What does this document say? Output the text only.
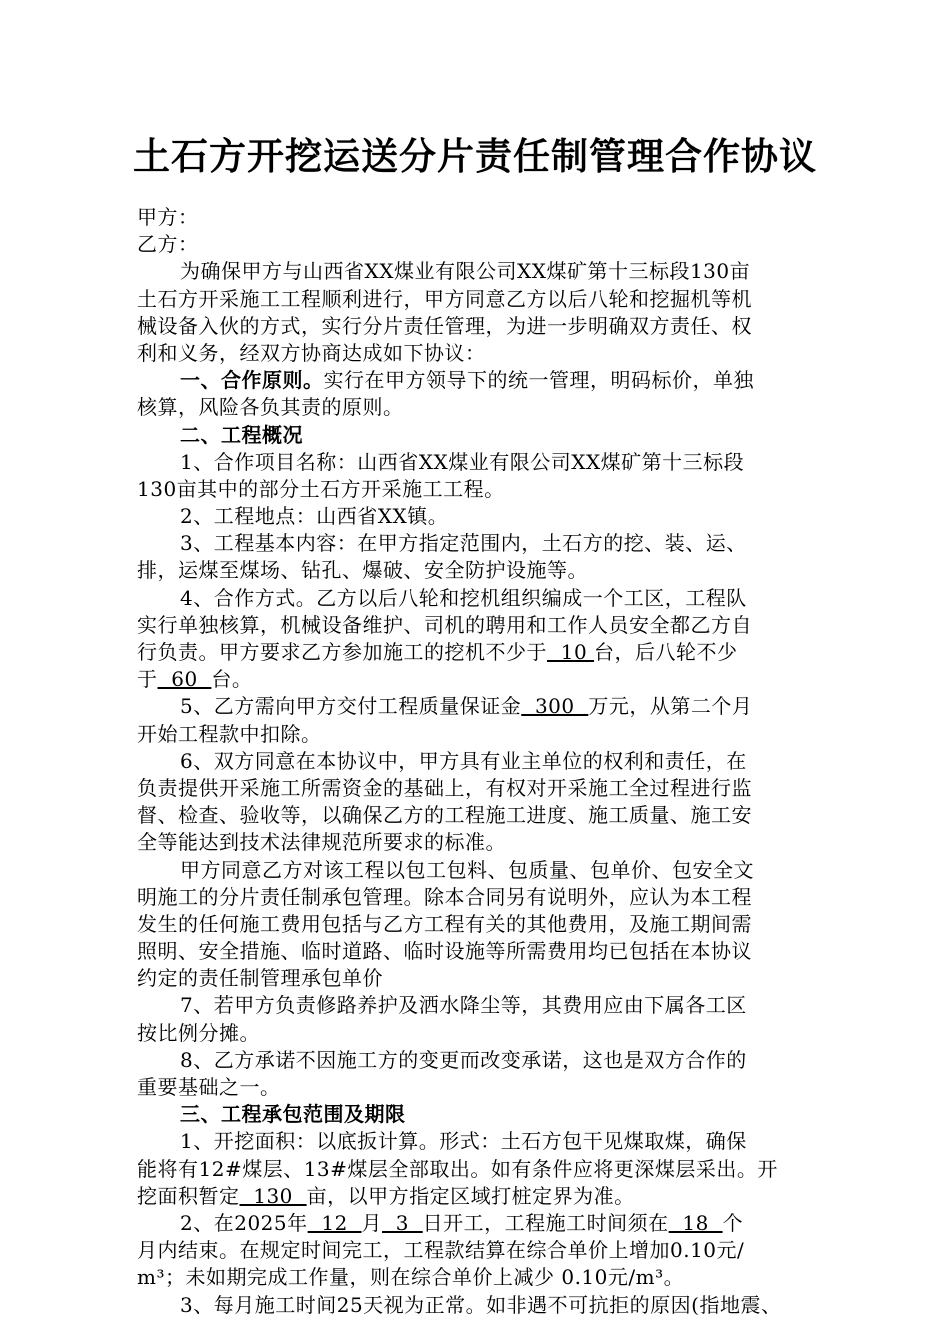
土石方开挖运送分片责任制管理合作协议
甲方：
乙方：
为确保甲方与山西省XX煤业有限公司XX煤矿第十三标段130亩
土石方开采施工工程顺利进行，甲方同意乙方以后八轮和挖掘机等机
械设备入伙的方式，实行分片责任管理，为进一步明确双方责任、权
利和义务，经双方协商达成如下协议：
一、合作原则。实行在甲方领导下的统一管理，明码标价，单独
核算，风险各负其责的原则。
二、工程概况
1、合作项目名称：山西省XX煤业有限公司XX煤矿第十三标段
130亩其中的部分土石方开采施工工程。
2、工程地点：山西省XX镇。
3、工程基本内容：在甲方指定范围内，土石方的挖、装、运、
排，运煤至煤场、钻孔、爆破、安全防护设施等。
4、合作方式。乙方以后八轮和挖机组织编成一个工区，工程队
实行单独核算，机械设备维护、司机的聘用和工作人员安全都乙方自
行负责。甲方要求乙方参加施工的挖机不少于  10 台，后八轮不少
于  60  台。
5、乙方需向甲方交付工程质量保证金  300  万元，从第二个月
开始工程款中扣除。
6、双方同意在本协议中，甲方具有业主单位的权利和责任，在
负责提供开采施工所需资金的基础上，有权对开采施工全过程进行监
督、检查、验收等，以确保乙方的工程施工进度、施工质量、施工安
全等能达到技术法律规范所要求的标准。
甲方同意乙方对该工程以包工包料、包质量、包单价、包安全文
明施工的分片责任制承包管理。除本合同另有说明外，应认为本工程
发生的任何施工费用包括与乙方工程有关的其他费用，及施工期间需
照明、安全措施、临时道路、临时设施等所需费用均已包括在本协议
约定的责任制管理承包单价
7、若甲方负责修路养护及洒水降尘等，其费用应由下属各工区
按比例分摊。
8、乙方承诺不因施工方的变更而改变承诺，这也是双方合作的
重要基础之一。
三、工程承包范围及期限
1、开挖面积：以底扳计算。形式：土石方包干见煤取煤，确保
能将有12#煤层、13#煤层全部取出。如有条件应将更深煤层采出。开
挖面积暂定  130  亩，以甲方指定区域打桩定界为准。
2、在2025年  12  月  3  日开工，工程施工时间须在  18  个
月内结束。在规定时间完工，工程款结算在综合单价上增加0.10元/
m³；未如期完成工作量，则在综合单价上减少 0.10元/m³。
3、每月施工时间25天视为正常。如非遇不可抗拒的原因(指地震、
